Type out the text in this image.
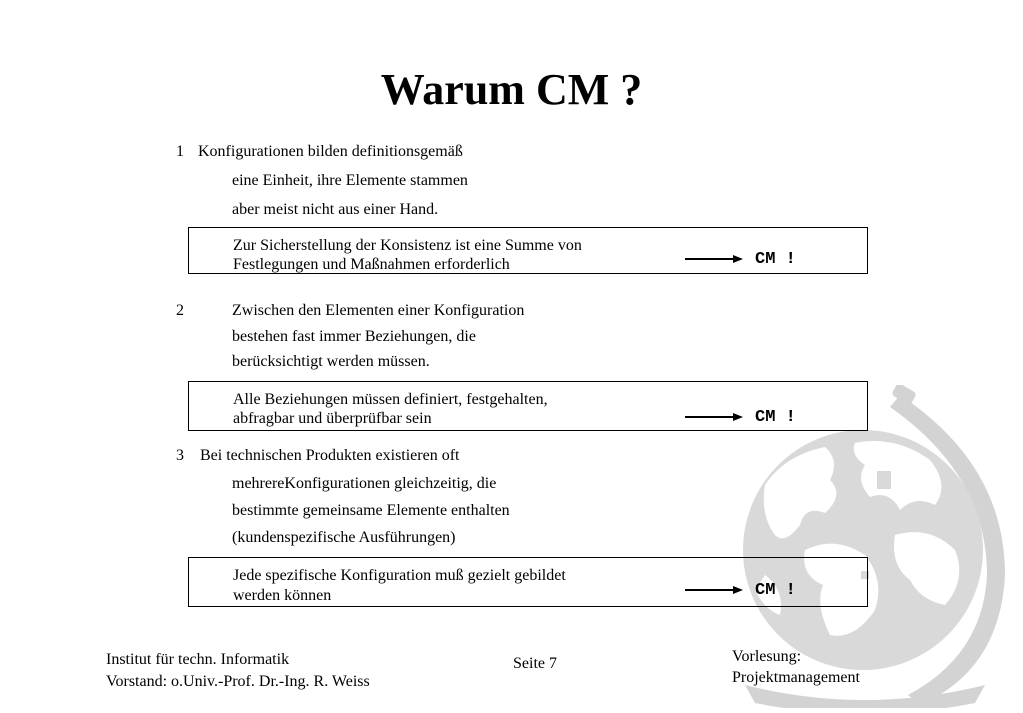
Warum CM ?
1 Konfigurationen bilden definitionsgemäß
eine Einheit, ihre Elemente stammen
aber meist nicht aus einer Hand.
Zur Sicherstellung der Konsistenz ist eine Summe von
Festlegungen und Maßnahmen erforderlich	CM !
2	Zwischen den Elementen einer Konfiguration
bestehen fast immer Beziehungen, die
berücksichtigt werden müssen.
Alle Beziehungen müssen definiert, festgehalten,
abfragbar und überprüfbar sein	CM !
3 Bei technischen Produkten existieren oft
mehrereKonfigurationen gleichzeitig, die
bestimmte gemeinsame Elemente enthalten
(kundenspezifische Ausführungen)
Jede spezifische Konfiguration muß gezielt gebildet
werden können	CM !
Institut für techn. Informatik
Vorstand: o.Univ.-Prof. Dr.-Ing. R. Weiss
Seite 7	Vorlesung:
Projektmanagement
